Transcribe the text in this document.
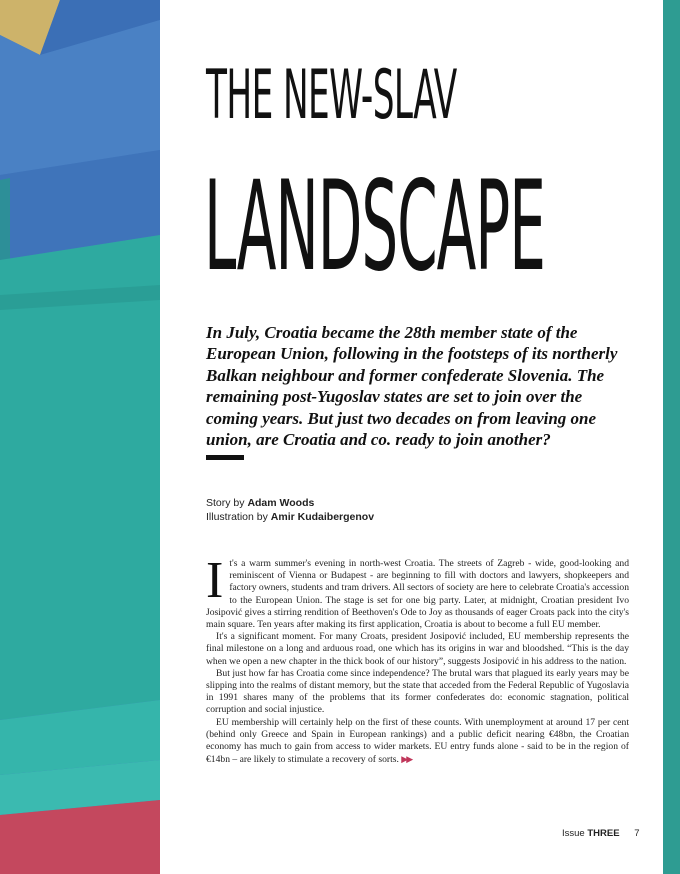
THE NEW-SLAV
LANDSCAPE

In July, Croatia became the 28th member state of the European Union, following in the footsteps of its northerly Balkan neighbour and former confederate Slovenia. The remaining post-Yugoslav states are set to join over the coming years. But just two decades on from leaving one union, are Croatia and co. ready to join another?

Story by Adam Woods
Illustration by Amir Kudaibergenov

It's a warm summer's evening in north-west Croatia. The streets of Zagreb - wide, good-looking and reminiscent of Vienna or Budapest - are beginning to fill with doctors and lawyers, shopkeepers and factory owners, students and tram drivers. All sectors of society are here to celebrate Croatia's accession to the European Union. The stage is set for one big party. Later, at midnight, Croatian president Ivo Josipović gives a stirring rendition of Beethoven's Ode to Joy as thousands of eager Croats pack into the city's main square. Ten years after making its first application, Croatia is about to become a full EU member.

It's a significant moment. For many Croats, president Josipović included, EU membership represents the final milestone on a long and arduous road, one which has its origins in war and bloodshed. “This is the day when we open a new chapter in the thick book of our history”, suggests Josipović in his address to the nation.

But just how far has Croatia come since independence? The brutal wars that plagued its early years may be slipping into the realms of distant memory, but the state that acceded from the Federal Republic of Yugoslavia in 1991 shares many of the problems that its former confederates do: economic stagnation, political corruption and social injustice.

EU membership will certainly help on the first of these counts. With unemployment at around 17 per cent (behind only Greece and Spain in European rankings) and a public deficit nearing €48bn, the Croatian economy has much to gain from access to wider markets. EU entry funds alone - said to be in the region of €14bn – are likely to stimulate a recovery of sorts. ▶▶

Issue THREE 7
